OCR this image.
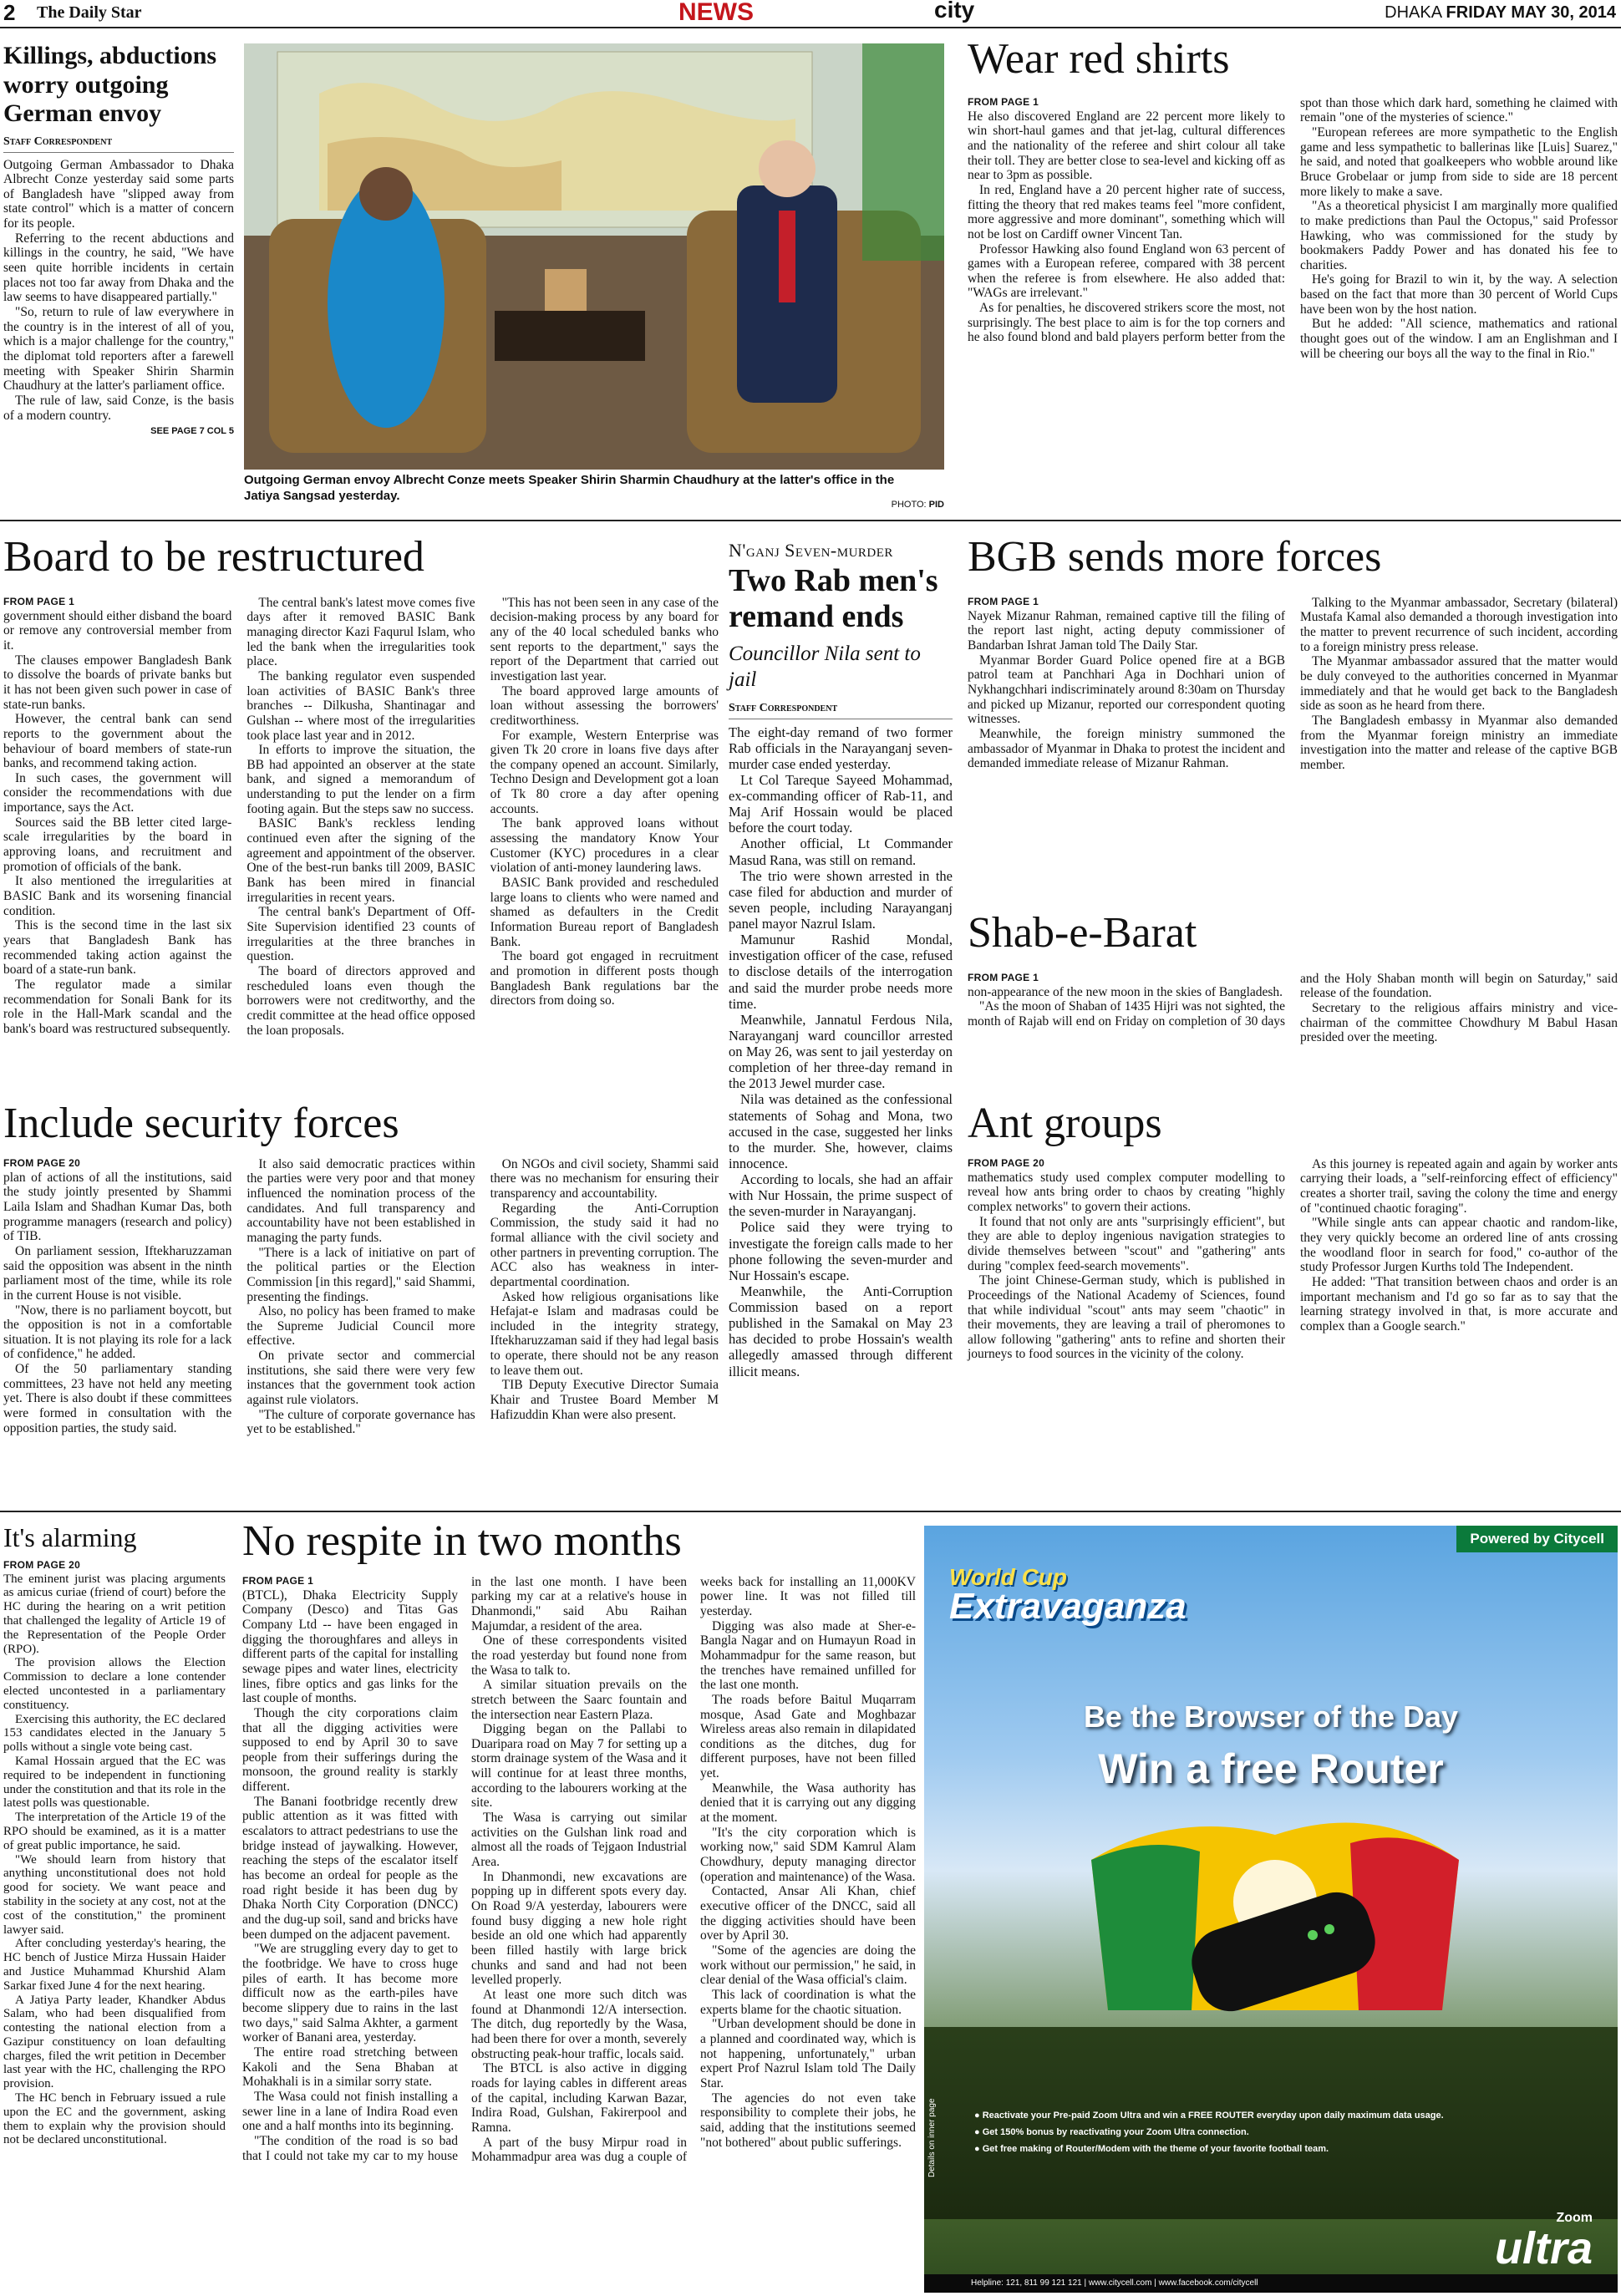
2 The Daily Star	NEWS	city	DHAKA FRIDAY MAY 30, 2014
Killings, abductions worry outgoing German envoy
Staff Correspondent

Outgoing German Ambassador to Dhaka Albrecht Conze yesterday said some parts of Bangladesh have "slipped away from state control" which is a matter of concern for its people.

Referring to the recent abductions and killings in the country, he said, "We have seen quite horrible incidents in certain places not too far away from Dhaka and the law seems to have disappeared partially."

"So, return to rule of law everywhere in the country is in the interest of all of you, which is a major challenge for the country," the diplomat told reporters after a farewell meeting with Speaker Shirin Sharmin Chaudhury at the latter's parliament office.

The rule of law, said Conze, is the basis of a modern country.

SEE PAGE 7 COL 5
Outgoing German envoy Albrecht Conze meets Speaker Shirin Sharmin Chaudhury at the latter's office in the Jatiya Sangsad yesterday.
PHOTO: PID
Wear red shirts
FROM PAGE 1

He also discovered England are 22 percent more likely to win short-haul games and that jet-lag, cultural differences and the nationality of the referee and shirt colour all take their toll. They are better close to sea-level and kicking off as near to 3pm as possible.

In red, England have a 20 percent higher rate of success, fitting the theory that red makes teams feel "more confident, more aggressive and more dominant", something which will not be lost on Cardiff owner Vincent Tan.

Professor Hawking also found England won 63 percent of games with a European referee, compared with 38 percent when the referee is from elsewhere. He also added that: "WAGs are irrelevant."

As for penalties, he discovered strikers score the most, not surprisingly. The best place to aim is for the top corners and he also found blond and bald players perform better from the spot than those which dark hard, something he claimed with remain "one of the mysteries of science."

"European referees are more sympathetic to the English game and less sympathetic to ballerinas like [Luis] Suarez," he said, and noted that goalkeepers who wobble around like Bruce Grobelaar or jump from side to side are 18 percent more likely to make a save.

"As a theoretical physicist I am marginally more qualified to make predictions than Paul the Octopus," said Professor Hawking, who was commissioned for the study by bookmakers Paddy Power and has donated his fee to charities.

He's going for Brazil to win it, by the way. A selection based on the fact that more than 30 percent of World Cups have been won by the host nation.

But he added: "All science, mathematics and rational thought goes out of the window. I am an Englishman and I will be cheering our boys all the way to the final in Rio."

Board to be restructured
FROM PAGE 1

government should either disband the board or remove any controversial member from it.

The clauses empower Bangladesh Bank to dissolve the boards of private banks but it has not been given such power in case of state-run banks.

However, the central bank can send reports to the government about the behaviour of board members of state-run banks, and recommend taking action.

In such cases, the government will consider the recommendations with due importance, says the Act.

Sources said the BB letter cited large-scale irregularities by the board in approving loans, and recruitment and promotion of officials of the bank.

It also mentioned the irregularities at BASIC Bank and its worsening financial condition.

This is the second time in the last six years that Bangladesh Bank has recommended taking action against the board of a state-run bank.

The regulator made a similar recommendation for Sonali Bank for its role in the Hall-Mark scandal and the bank's board was restructured subsequently.

The central bank's latest move comes five days after it removed BASIC Bank managing director Kazi Faqurul Islam, who led the bank when the irregularities took place.

The banking regulator even suspended loan activities of BASIC Bank's three branches -- Dilkusha, Shantinagar and Gulshan -- where most of the irregularities took place last year and in 2012.

In efforts to improve the situation, the BB had appointed an observer at the state bank, and signed a memorandum of understanding to put the lender on a firm footing again. But the steps saw no success.

BASIC Bank's reckless lending continued even after the signing of the agreement and appointment of the observer. One of the best-run banks till 2009, BASIC Bank has been mired in financial irregularities in recent years.

The central bank's Department of Off-Site Supervision identified 23 counts of irregularities at the three branches in question.

The board of directors approved and rescheduled loans even though the borrowers were not creditworthy, and the credit committee at the head office opposed the loan proposals.

"This has not been seen in any case of the decision-making process by any board for any of the 40 local scheduled banks who sent reports to the department," says the report of the Department that carried out investigation last year.

The board approved large amounts of loan without assessing the borrowers' creditworthiness.

For example, Western Enterprise was given Tk 20 crore in loans five days after the company opened an account. Similarly, Techno Design and Development got a loan of Tk 80 crore a day after opening accounts.

The bank approved loans without assessing the mandatory Know Your Customer (KYC) procedures in a clear violation of anti-money laundering laws.

BASIC Bank provided and rescheduled large loans to clients who were named and shamed as defaulters in the Credit Information Bureau report of Bangladesh Bank.

The board got engaged in recruitment and promotion in different posts though Bangladesh Bank regulations bar the directors from doing so.

N'ganj Seven-murder
Two Rab men's remand ends
Councillor Nila sent to jail
Staff Correspondent

The eight-day remand of two former Rab officials in the Narayanganj seven-murder case ended yesterday.

Lt Col Tareque Sayeed Mohammad, ex-commanding officer of Rab-11, and Maj Arif Hossain would be placed before the court today.

Another official, Lt Commander Masud Rana, was still on remand.

The trio were shown arrested in the case filed for abduction and murder of seven people, including Narayanganj panel mayor Nazrul Islam.

Mamunur Rashid Mondal, investigation officer of the case, refused to disclose details of the interrogation and said the murder probe needs more time.

Meanwhile, Jannatul Ferdous Nila, Narayanganj ward councillor arrested on May 26, was sent to jail yesterday on completion of her three-day remand in the 2013 Jewel murder case.

Nila was detained as the confessional statements of Sohag and Mona, two accused in the case, suggested her links to the murder. She, however, claims innocence.

According to locals, she had an affair with Nur Hossain, the prime suspect of the seven-murder in Narayanganj.

Police said they were trying to investigate the foreign calls made to her phone following the seven-murder and Nur Hossain's escape.

Meanwhile, the Anti-Corruption Commission based on a report published in the Samakal on May 23 has decided to probe Hossain's wealth allegedly amassed through different illicit means.

BGB sends more forces
FROM PAGE 1

Nayek Mizanur Rahman, remained captive till the filing of the report last night, acting deputy commissioner of Bandarban Ishrat Jaman told The Daily Star.

Myanmar Border Guard Police opened fire at a BGB patrol team at Panchhari Aga in Dochhari union of Nykhangchhari indiscriminately around 8:30am on Thursday and picked up Mizanur, reported our correspondent quoting witnesses.

Meanwhile, the foreign ministry summoned the ambassador of Myanmar in Dhaka to protest the incident and demanded immediate release of Mizanur Rahman.

Talking to the Myanmar ambassador, Secretary (bilateral) Mustafa Kamal also demanded a thorough investigation into the matter to prevent recurrence of such incident, according to a foreign ministry press release.

The Myanmar ambassador assured that the matter would be duly conveyed to the authorities concerned in Myanmar immediately and that he would get back to the Bangladesh side as soon as he heard from there.

The Bangladesh embassy in Myanmar also demanded from the Myanmar foreign ministry an immediate investigation into the matter and release of the captive BGB member.

Shab-e-Barat
FROM PAGE 1

non-appearance of the new moon in the skies of Bangladesh.

"As the moon of Shaban of 1435 Hijri was not sighted, the month of Rajab will end on Friday on completion of 30 days and the Holy Shaban month will begin on Saturday," said release of the foundation.

Secretary to the religious affairs ministry and vice-chairman of the committee Chowdhury M Babul Hasan presided over the meeting.

Include security forces
FROM PAGE 20

plan of actions of all the institutions, said the study jointly presented by Shammi Laila Islam and Shadhan Kumar Das, both programme managers (research and policy) of TIB.

On parliament session, Iftekharuzzaman said the opposition was absent in the ninth parliament most of the time, while its role in the current House is not visible.

"Now, there is no parliament boycott, but the opposition is not in a comfortable situation. It is not playing its role for a lack of confidence," he added.

Of the 50 parliamentary standing committees, 23 have not held any meeting yet. There is also doubt if these committees were formed in consultation with the opposition parties, the study said.

It also said democratic practices within the parties were very poor and that money influenced the nomination process of the candidates. And full transparency and accountability have not been established in managing the party funds.

"There is a lack of initiative on part of the political parties or the Election Commission [in this regard]," said Shammi, presenting the findings.

Also, no policy has been framed to make the Supreme Judicial Council more effective.

On private sector and commercial institutions, she said there were very few instances that the government took action against rule violators.

"The culture of corporate governance has yet to be established."

On NGOs and civil society, Shammi said there was no mechanism for ensuring their transparency and accountability.

Regarding the Anti-Corruption Commission, the study said it had no formal alliance with the civil society and other partners in preventing corruption. The ACC also has weakness in inter-departmental coordination.

Asked how religious organisations like Hefajat-e Islam and madrasas could be included in the integrity strategy, Iftekharuzzaman said if they had legal basis to operate, there should not be any reason to leave them out.

TIB Deputy Executive Director Sumaia Khair and Trustee Board Member M Hafizuddin Khan were also present.

Ant groups
FROM PAGE 20

mathematics study used complex computer modelling to reveal how ants bring order to chaos by creating "highly complex networks" to govern their actions.

It found that not only are ants "surprisingly efficient", but they are able to deploy ingenious navigation strategies to divide themselves between "scout" and "gathering" ants during "complex feed-search movements".

The joint Chinese-German study, which is published in Proceedings of the National Academy of Sciences, found that while individual "scout" ants may seem "chaotic" in their movements, they are leaving a trail of pheromones to allow following "gathering" ants to refine and shorten their journeys to food sources in the vicinity of the colony.

As this journey is repeated again and again by worker ants carrying their loads, a "self-reinforcing effect of efficiency" creates a shorter trail, saving the colony the time and energy of "continued chaotic foraging".

"While single ants can appear chaotic and random-like, they very quickly become an ordered line of ants crossing the woodland floor in search for food," co-author of the study Professor Jurgen Kurths told The Independent.

He added: "That transition between chaos and order is an important mechanism and I'd go so far as to say that the learning strategy involved in that, is more accurate and complex than a Google search."

It's alarming
FROM PAGE 20

The eminent jurist was placing arguments as amicus curiae (friend of court) before the HC during the hearing on a writ petition that challenged the legality of Article 19 of the Representation of the People Order (RPO).

The provision allows the Election Commission to declare a lone contender elected uncontested in a parliamentary constituency.

Exercising this authority, the EC declared 153 candidates elected in the January 5 polls without a single vote being cast.

Kamal Hossain argued that the EC was required to be independent in functioning under the constitution and that its role in the latest polls was questionable.

The interpretation of the Article 19 of the RPO should be examined, as it is a matter of great public importance, he said.

"We should learn from history that anything unconstitutional does not hold good for society. We want peace and stability in the society at any cost, not at the cost of the constitution," the prominent lawyer said.

After concluding yesterday's hearing, the HC bench of Justice Mirza Hussain Haider and Justice Muhammad Khurshid Alam Sarkar fixed June 4 for the next hearing.

A Jatiya Party leader, Khandker Abdus Salam, who had been disqualified from contesting the national election from a Gazipur constituency on loan defaulting charges, filed the writ petition in December last year with the HC, challenging the RPO provision.

The HC bench in February issued a rule upon the EC and the government, asking them to explain why the provision should not be declared unconstitutional.

No respite in two months
FROM PAGE 1

(BTCL), Dhaka Electricity Supply Company (Desco) and Titas Gas Company Ltd -- have been engaged in digging the thoroughfares and alleys in different parts of the capital for installing sewage pipes and water lines, electricity lines, fibre optics and gas links for the last couple of months.

Though the city corporations claim that all the digging activities were supposed to end by April 30 to save people from their sufferings during the monsoon, the ground reality is starkly different.

The Banani footbridge recently drew public attention as it was fitted with escalators to attract pedestrians to use the bridge instead of jaywalking. However, reaching the steps of the escalator itself has become an ordeal for people as the road right beside it has been dug by Dhaka North City Corporation (DNCC) and the dug-up soil, sand and bricks have been dumped on the adjacent pavement.

"We are struggling every day to get to the footbridge. We have to cross huge piles of earth. It has become more difficult now as the earth-piles have become slippery due to rains in the last two days," said Salma Akhter, a garment worker of Banani area, yesterday.

The entire road stretching between Kakoli and the Sena Bhaban at Mohakhali is in a similar sorry state.

The Wasa could not finish installing a sewer line in a lane of Indira Road even one and a half months into its beginning.

"The condition of the road is so bad that I could not take my car to my house in the last one month. I have been parking my car at a relative's house in Dhanmondi," said Abu Raihan Majumdar, a resident of the area.

One of these correspondents visited the road yesterday but found none from the Wasa to talk to.

A similar situation prevails on the stretch between the Saarc fountain and the intersection near Eastern Plaza.

Digging began on the Pallabi to Duaripara road on May 7 for setting up a storm drainage system of the Wasa and it will continue for at least three months, according to the labourers working at the site.

The Wasa is carrying out similar activities on the Gulshan link road and almost all the roads of Tejgaon Industrial Area.

In Dhanmondi, new excavations are popping up in different spots every day. On Road 9/A yesterday, labourers were found busy digging a new hole right beside an old one which had apparently been filled hastily with large brick chunks and sand and had not been levelled properly.

At least one more such ditch was found at Dhanmondi 12/A intersection. The ditch, dug reportedly by the Wasa, had been there for over a month, severely obstructing peak-hour traffic, locals said.

The BTCL is also active in digging roads for laying cables in different areas of the capital, including Karwan Bazar, Indira Road, Gulshan, Fakirerpool and Ramna.

A part of the busy Mirpur road in Mohammadpur area was dug a couple of weeks back for installing an 11,000KV power line. It was not filled till yesterday.

Digging was also made at Sher-e-Bangla Nagar and on Humayun Road in Mohammadpur for the same reason, but the trenches have remained unfilled for the last one month.

The roads before Baitul Muqarram mosque, Asad Gate and Moghbazar Wireless areas also remain in dilapidated conditions as the ditches, dug for different purposes, have not been filled yet.

Meanwhile, the Wasa authority has denied that it is carrying out any digging at the moment.

"It's the city corporation which is working now," said SDM Kamrul Alam Chowdhury, deputy managing director (operation and maintenance) of the Wasa.

Contacted, Ansar Ali Khan, chief executive officer of the DNCC, said all the digging activities should have been over by April 30.

"Some of the agencies are doing the work without our permission," he said, in clear denial of the Wasa official's claim.

This lack of coordination is what the experts blame for the chaotic situation.

"Urban development should be done in a planned and coordinated way, which is not happening, unfortunately," urban expert Prof Nazrul Islam told The Daily Star.

The agencies do not even take responsibility to complete their jobs, he said, adding that the institutions seemed "not bothered" about public sufferings.

Powered by Citycell
World Cup
Extravaganza
Be the Browser of the Day
Win a free Router
● Reactivate your Pre-paid Zoom Ultra and win a FREE ROUTER everyday upon daily maximum data usage.
● Get 150% bonus by reactivating your Zoom Ultra connection.
● Get free making of Router/Modem with the theme of your favorite football team.
Details on inner page
Zoom
ultra
Helpline: 121, 811 99 121 121 | www.citycell.com | www.facebook.com/citycell
